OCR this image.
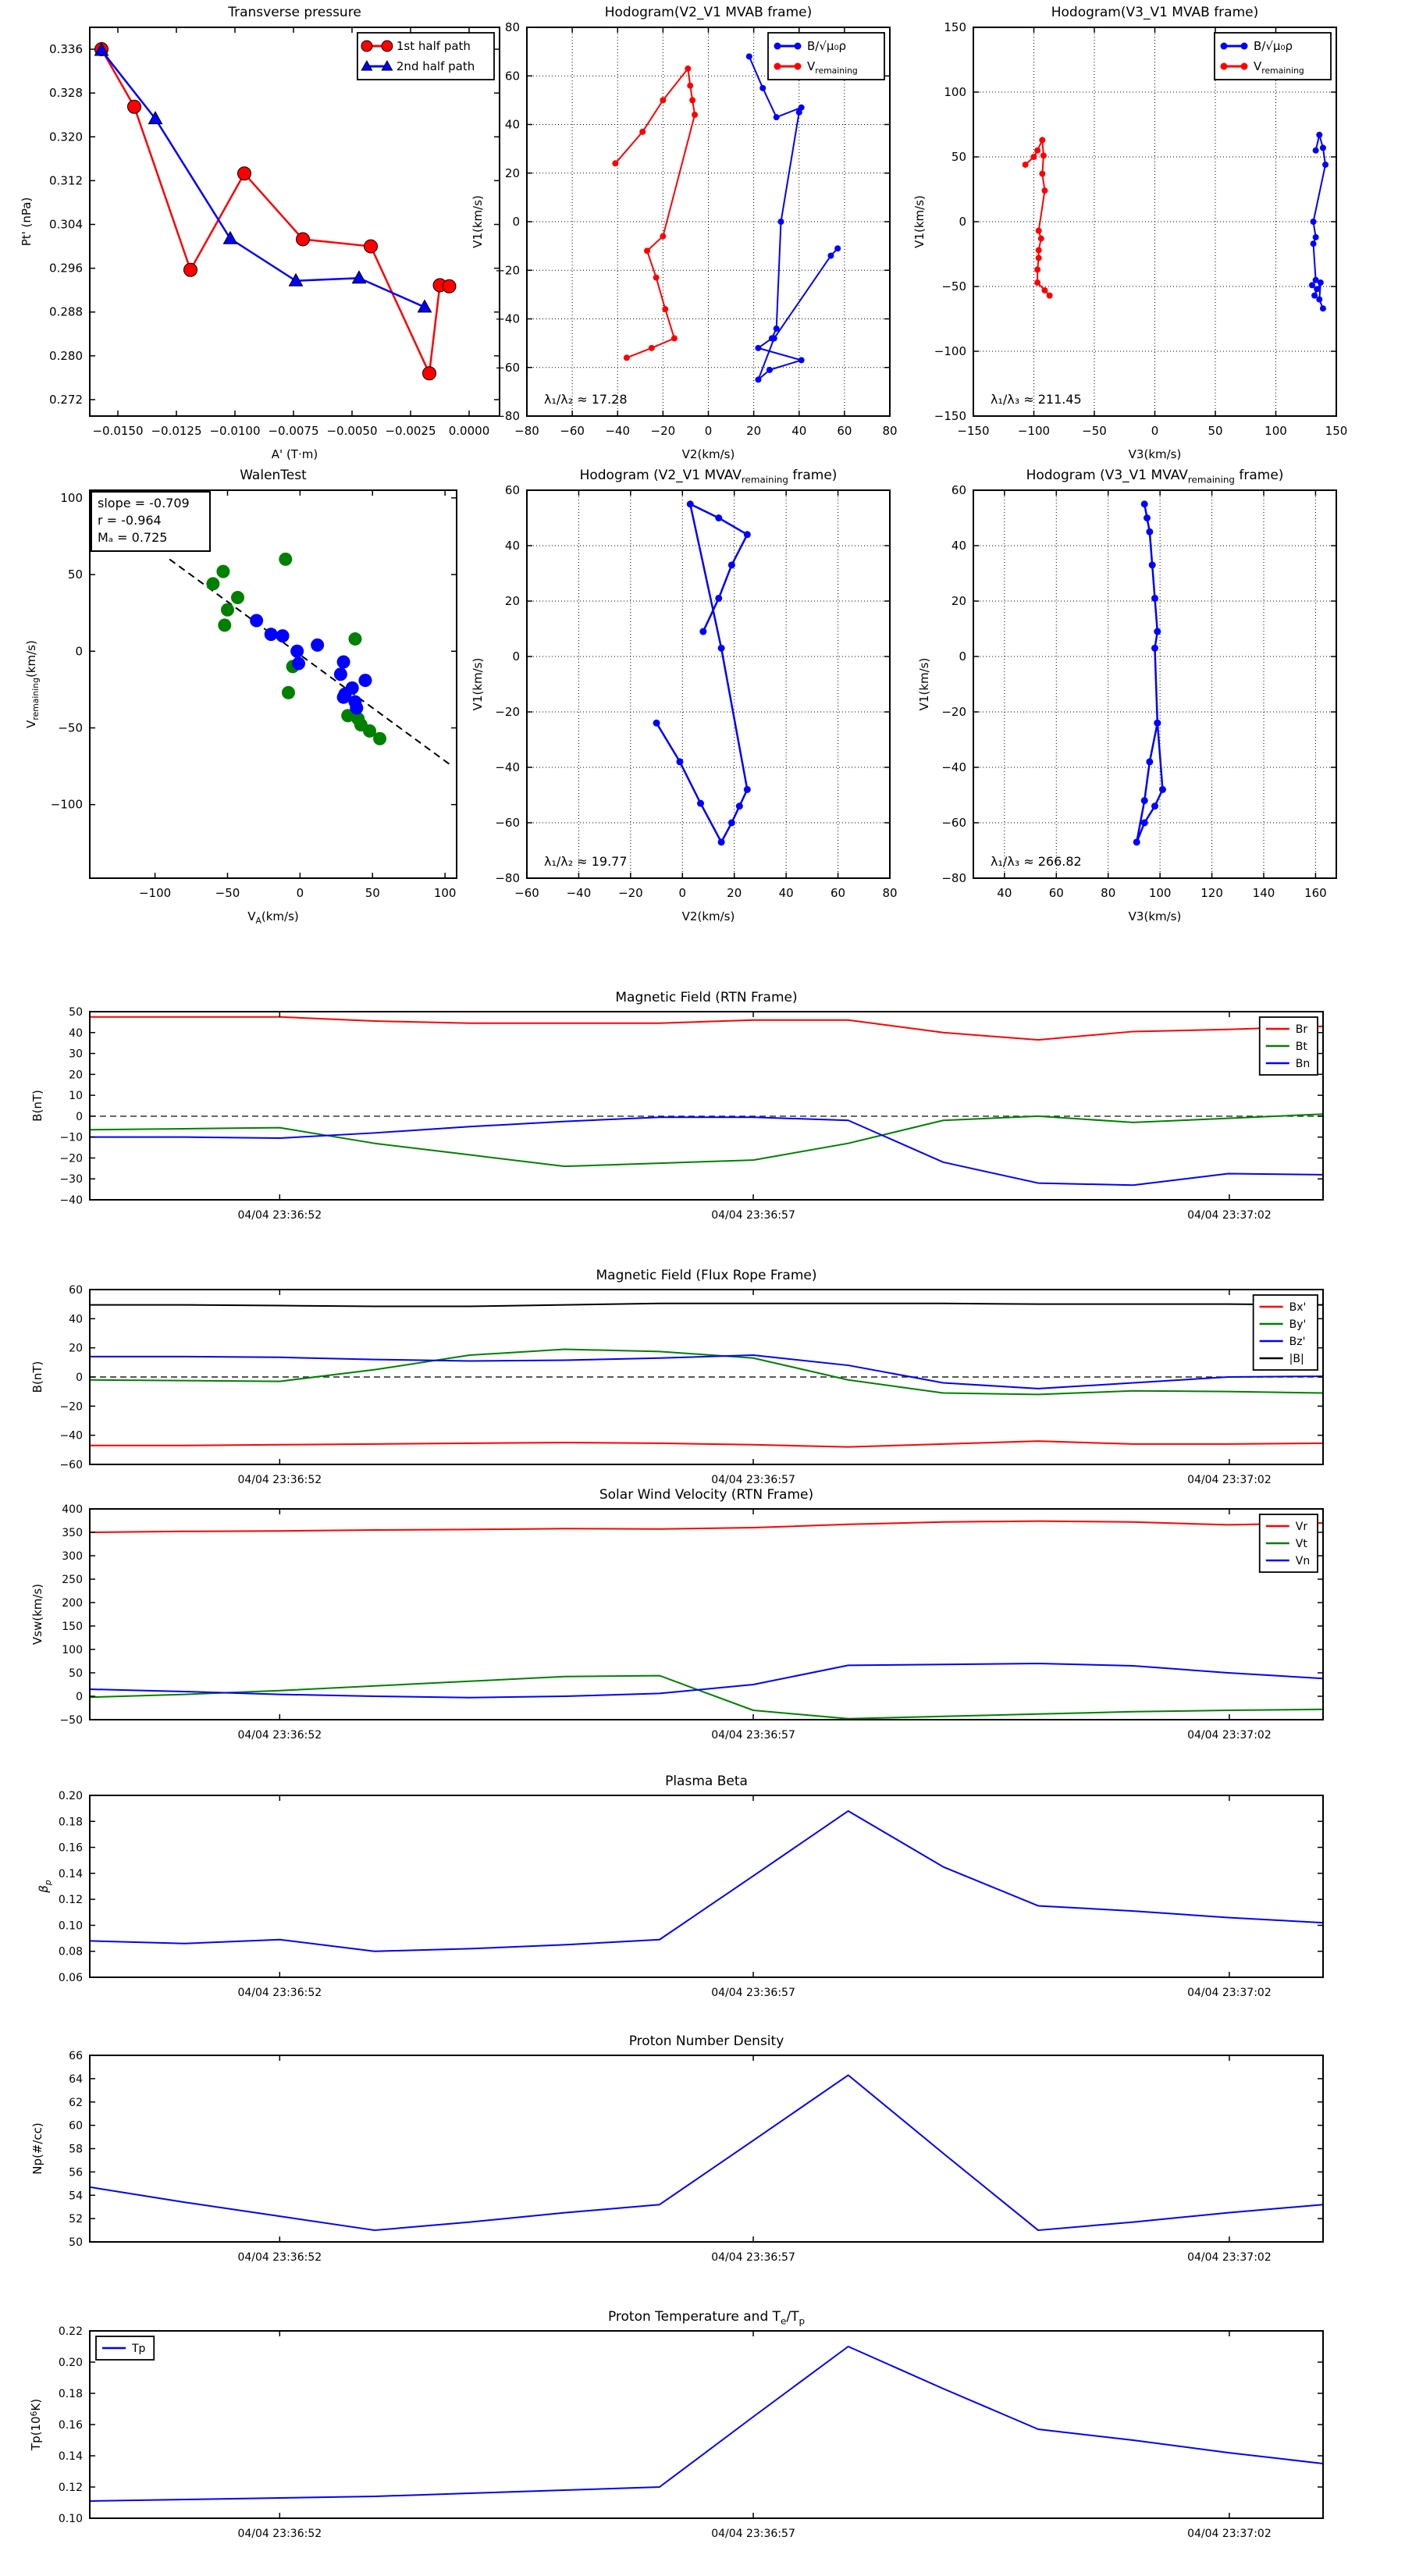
Transverse pressure
−0.0150 −0.0125 −0.0100 −0.0075 −0.0050 −0.0025 0.0000
0.272
0.280
0.288
0.296
0.304
0.312
0.320
0.328
0.336
A' (T·m)
Pt' (nPa)
1st half path
2nd half path
Hodogram(V2_V1 MVAB frame)
−80 −60 −40 −20	0	20	40	60	80
−80
−60
−40
−20
0
20
40
60
80
V2(km/s)
V1(km/s)
λ₁/λ₂ ≈ 17.28
B/√μ₀ρ
$V_{remaining}$
Hodogram(V3_V1 MVAB frame)
−150 −100	−50	0	50	100	150
−150
−100
−50
0
50
100
150
V3(km/s)
V1(km/s)
λ₁/λ₃ ≈ 211.45
B/√μ₀ρ
$V_{remaining}$
WalenTest
−100	−50	0	50	100
−100
−50
0
50
100
$V_A(km/s)$
$V_{remaining}(km/s)$
slope = -0.709
r = -0.964
Mₐ = 0.725
Hodogram (V2_V1 $MVAV_{remaining}$ frame)
−60 −40 −20	0	20	40	60	80
−80
−60
−40
−20
0
20
40
60
V2(km/s)
V1(km/s)
λ₁/λ₂ ≈ 19.77
Hodogram (V3_V1 $MVAV_{remaining}$ frame)
40	60	80	100	120	140	160
−80
−60
−40
−20
0
20
40
60
V3(km/s)
V1(km/s)
λ₁/λ₃ ≈ 266.82
Magnetic Field (RTN Frame)
04/04 23:36:52	04/04 23:36:57	04/04 23:37:02
−40
−30
−20
−10
0
10
20
30
40
50
B(nT)
Br
Bt
Bn
Magnetic Field (Flux Rope Frame)
04/04 23:36:52	04/04 23:36:57	04/04 23:37:02
−60
−40
−20
0
20
40
60
B(nT)
Bx'
By'
Bz'
|B|
Solar Wind Velocity (RTN Frame)
04/04 23:36:52	04/04 23:36:57	04/04 23:37:02
−50
0
50
100
150
200
250
300
350
400
Vsw(km/s)
Vr
Vt
Vn
Plasma Beta
04/04 23:36:52	04/04 23:36:57	04/04 23:37:02
0.06
0.08
0.10
0.12
0.14
0.16
0.18
0.20
$\beta_p$
Proton Number Density
04/04 23:36:52	04/04 23:36:57	04/04 23:37:02
50
52
54
56
58
60
62
64
66
Np(#/cc)
Proton Temperature and $T_e/T_p$
04/04 23:36:52	04/04 23:36:57	04/04 23:37:02
0.10
0.12
0.14
0.16
0.18
0.20
0.22
$Tp(10^6K)$
Tp
